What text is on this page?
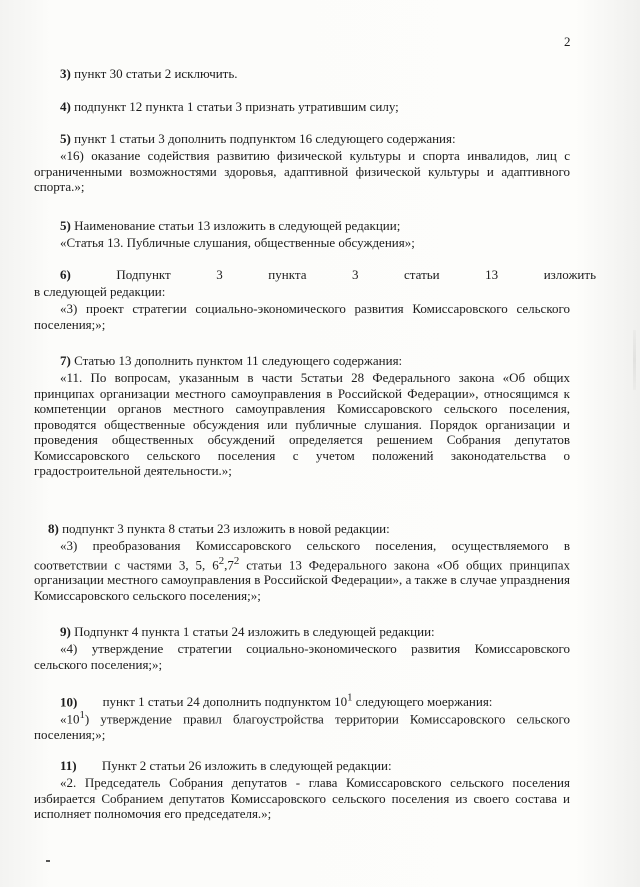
2
3) пункт 30 статьи 2 исключить.
4) подпункт 12 пункта 1 статьи 3 признать утратившим силу;
5) пункт 1 статьи 3 дополнить подпунктом 16 следующего содержания:
«16) оказание содействия развитию физической культуры и спорта инвалидов, лиц с ограниченными возможностями здоровья, адаптивной физической культуры и адаптивного спорта.»;
5) Наименование статьи 13 изложить в следующей редакции;
«Статья 13. Публичные слушания, общественные обсуждения»;
6)	Подпункт 3 пункта 3 статьи 13 изложить
в следующей редакции:
«3) проект стратегии социально-экономического развития Комиссаровского сельского поселения;»;
7) Статью 13 дополнить пунктом 11 следующего содержания:
«11. По вопросам, указанным в части 5статьи 28 Федерального закона «Об общих принципах организации местного самоуправления в Российской Федерации», относящимся к компетенции органов местного самоуправления Комиссаровского сельского поселения, проводятся общественные обсуждения или публичные слушания. Порядок организации и проведения общественных обсуждений определяется решением Собрания депутатов Комиссаровского сельского поселения с учетом положений законодательства о градостроительной деятельности.»;
8) подпункт 3 пункта 8 статьи 23 изложить в новой редакции:
«3) преобразования Комиссаровского сельского поселения, осуществляемого в соответствии с частями 3, 5, $6^2,7^2$ статьи 13 Федерального закона «Об общих принципах организации местного самоуправления в Российской Федерации», а также в случае упразднения Комиссаровского сельского поселения;»;
9) Подпункт 4 пункта 1 статьи 24 изложить в следующей редакции:
«4) утверждение стратегии социально-экономического развития Комиссаровского сельского поселения;»;
10) пункт 1 статьи 24 дополнить подпунктом $10^1$ следующего моержания:
«$10^1$) утверждение правил благоустройства территории Комиссаровского сельского поселения;»;
11) Пункт 2 статьи 26 изложить в следующей редакции:
«2. Председатель Собрания депутатов - глава Комиссаровского сельского поселения избирается Собранием депутатов Комиссаровского сельского поселения из своего состава и исполняет полномочия его председателя.»;
